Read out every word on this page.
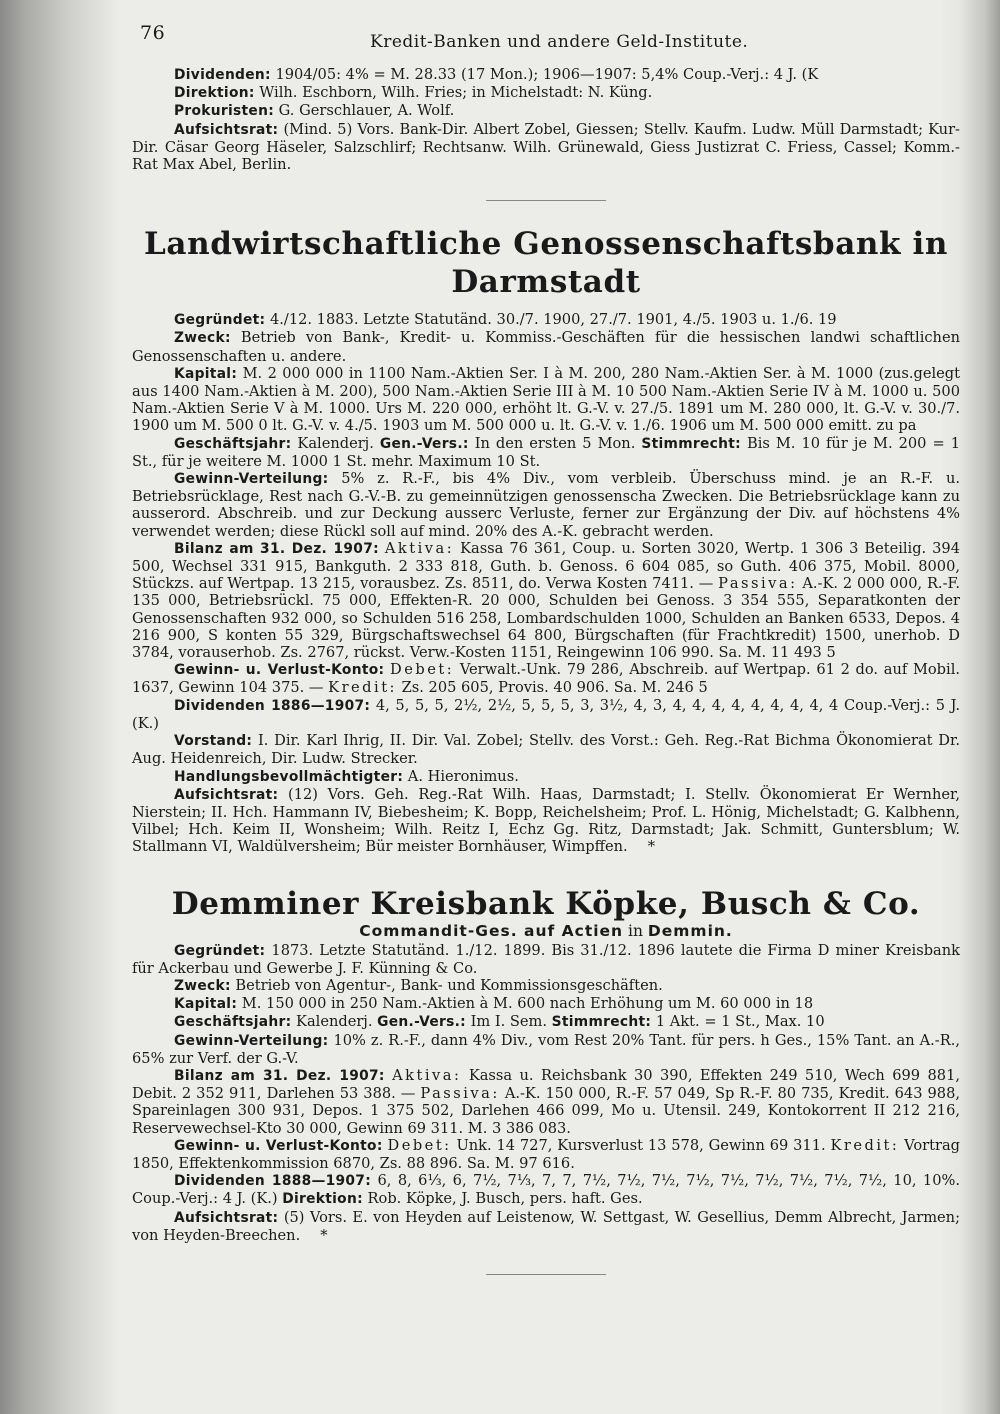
76	Kredit-Banken und andere Geld-Institute.

Dividenden: 1904/05: 4% = M. 28.33 (17 Mon.); 1906—1907: 5,4% Coup.-Verj.: 4 J. (K

Direktion: Wilh. Eschborn, Wilh. Fries; in Michelstadt: N. Küng.

Prokuristen: G. Gerschlauer, A. Wolf.

Aufsichtsrat: (Mind. 5) Vors. Bank-Dir. Albert Zobel, Giessen; Stellv. Kaufm. Ludw. Müll Darmstadt; Kur-Dir. Cäsar Georg Häseler, Salzschlirf; Rechtsanw. Wilh. Grünewald, Giess Justizrat C. Friess, Cassel; Komm.-Rat Max Abel, Berlin.

Landwirtschaftliche Genossenschaftsbank in Darmstadt

Gegründet: 4./12. 1883. Letzte Statutänd. 30./7. 1900, 27./7. 1901, 4./5. 1903 u. 1./6. 19

Zweck: Betrieb von Bank-, Kredit- u. Kommiss.-Geschäften für die hessischen landwi schaftlichen Genossenschaften u. andere.

Kapital: M. 2 000 000 in 1100 Nam.-Aktien Ser. I à M. 200, 280 Nam.-Aktien Ser. à M. 1000 (zus.gelegt aus 1400 Nam.-Aktien à M. 200), 500 Nam.-Aktien Serie III à M. 10 500 Nam.-Aktien Serie IV à M. 1000 u. 500 Nam.-Aktien Serie V à M. 1000. Urs M. 220 000, erhöht lt. G.-V. v. 27./5. 1891 um M. 280 000, lt. G.-V. v. 30./7. 1900 um M. 500 0 lt. G.-V. v. 4./5. 1903 um M. 500 000 u. lt. G.-V. v. 1./6. 1906 um M. 500 000 emitt. zu pa

Geschäftsjahr: Kalenderj. Gen.-Vers.: In den ersten 5 Mon. Stimmrecht: Bis M. 10 für je M. 200 = 1 St., für je weitere M. 1000 1 St. mehr. Maximum 10 St.

Gewinn-Verteilung: 5% z. R.-F., bis 4% Div., vom verbleib. Überschuss mind. je an R.-F. u. Betriebsrücklage, Rest nach G.-V.-B. zu gemeinnützigen genossenscha Zwecken. Die Betriebsrücklage kann zu ausserord. Abschreib. und zur Deckung ausserc Verluste, ferner zur Ergänzung der Div. auf höchstens 4% verwendet werden; diese Rückl soll auf mind. 20% des A.-K. gebracht werden.

Bilanz am 31. Dez. 1907: Aktiva: Kassa 76 361, Coup. u. Sorten 3020, Wertp. 1 306 3 Beteilig. 394 500, Wechsel 331 915, Bankguth. 2 333 818, Guth. b. Genoss. 6 604 085, so Guth. 406 375, Mobil. 8000, Stückzs. auf Wertpap. 13 215, vorausbez. Zs. 8511, do. Verwa Kosten 7411. — Passiva: A.-K. 2 000 000, R.-F. 135 000, Betriebsrückl. 75 000, Effekten-R. 20 000, Schulden bei Genoss. 3 354 555, Separatkonten der Genossenschaften 932 000, so Schulden 516 258, Lombardschulden 1000, Schulden an Banken 6533, Depos. 4 216 900, S konten 55 329, Bürgschaftswechsel 64 800, Bürgschaften (für Frachtkredit) 1500, unerhob. D 3784, vorauserhob. Zs. 2767, rückst. Verw.-Kosten 1151, Reingewinn 106 990. Sa. M. 11 493 5

Gewinn- u. Verlust-Konto: Debet: Verwalt.-Unk. 79 286, Abschreib. auf Wertpap. 61 2 do. auf Mobil. 1637, Gewinn 104 375. — Kredit: Zs. 205 605, Provis. 40 906. Sa. M. 246 5

Dividenden 1886—1907: 4, 5, 5, 5, 2½, 2½, 5, 5, 5, 3, 3½, 4, 3, 4, 4, 4, 4, 4, 4, 4, 4, 4 Coup.-Verj.: 5 J. (K.)

Vorstand: I. Dir. Karl Ihrig, II. Dir. Val. Zobel; Stellv. des Vorst.: Geh. Reg.-Rat Bichma Ökonomierat Dr. Aug. Heidenreich, Dir. Ludw. Strecker.

Handlungsbevollmächtigter: A. Hieronimus.

Aufsichtsrat: (12) Vors. Geh. Reg.-Rat Wilh. Haas, Darmstadt; I. Stellv. Ökonomierat Er Wernher, Nierstein; II. Hch. Hammann IV, Biebesheim; K. Bopp, Reichelsheim; Prof. L. Hönig, Michelstadt; G. Kalbhenn, Vilbel; Hch. Keim II, Wonsheim; Wilh. Reitz I, Echz Gg. Ritz, Darmstadt; Jak. Schmitt, Guntersblum; W. Stallmann VI, Waldülversheim; Bür meister Bornhäuser, Wimpffen. *

Demminer Kreisbank Köpke, Busch & Co.
Commandit-Ges. auf Actien in Demmin.

Gegründet: 1873. Letzte Statutänd. 1./12. 1899. Bis 31./12. 1896 lautete die Firma D miner Kreisbank für Ackerbau und Gewerbe J. F. Künning & Co.

Zweck: Betrieb von Agentur-, Bank- und Kommissionsgeschäften.

Kapital: M. 150 000 in 250 Nam.-Aktien à M. 600 nach Erhöhung um M. 60 000 in 18

Geschäftsjahr: Kalenderj. Gen.-Vers.: Im I. Sem. Stimmrecht: 1 Akt. = 1 St., Max. 10

Gewinn-Verteilung: 10% z. R.-F., dann 4% Div., vom Rest 20% Tant. für pers. h Ges., 15% Tant. an A.-R., 65% zur Verf. der G.-V.

Bilanz am 31. Dez. 1907: Aktiva: Kassa u. Reichsbank 30 390, Effekten 249 510, Wech 699 881, Debit. 2 352 911, Darlehen 53 388. — Passiva: A.-K. 150 000, R.-F. 57 049, Sp R.-F. 80 735, Kredit. 643 988, Spareinlagen 300 931, Depos. 1 375 502, Darlehen 466 099, Mo u. Utensil. 249, Kontokorrent II 212 216, Reservewechsel-Kto 30 000, Gewinn 69 311. M. 3 386 083.

Gewinn- u. Verlust-Konto: Debet: Unk. 14 727, Kursverlust 13 578, Gewinn 69 311. Kredit: Vortrag 1850, Effektenkommission 6870, Zs. 88 896. Sa. M. 97 616.

Dividenden 1888—1907: 6, 8, 6⅓, 6, 7½, 7⅓, 7, 7, 7½, 7½, 7½, 7½, 7½, 7½, 7½, 7½, 7½, 10, 10%. Coup.-Verj.: 4 J. (K.) Direktion: Rob. Köpke, J. Busch, pers. haft. Ges.

Aufsichtsrat: (5) Vors. E. von Heyden auf Leistenow, W. Settgast, W. Gesellius, Demm Albrecht, Jarmen; von Heyden-Breechen. *
